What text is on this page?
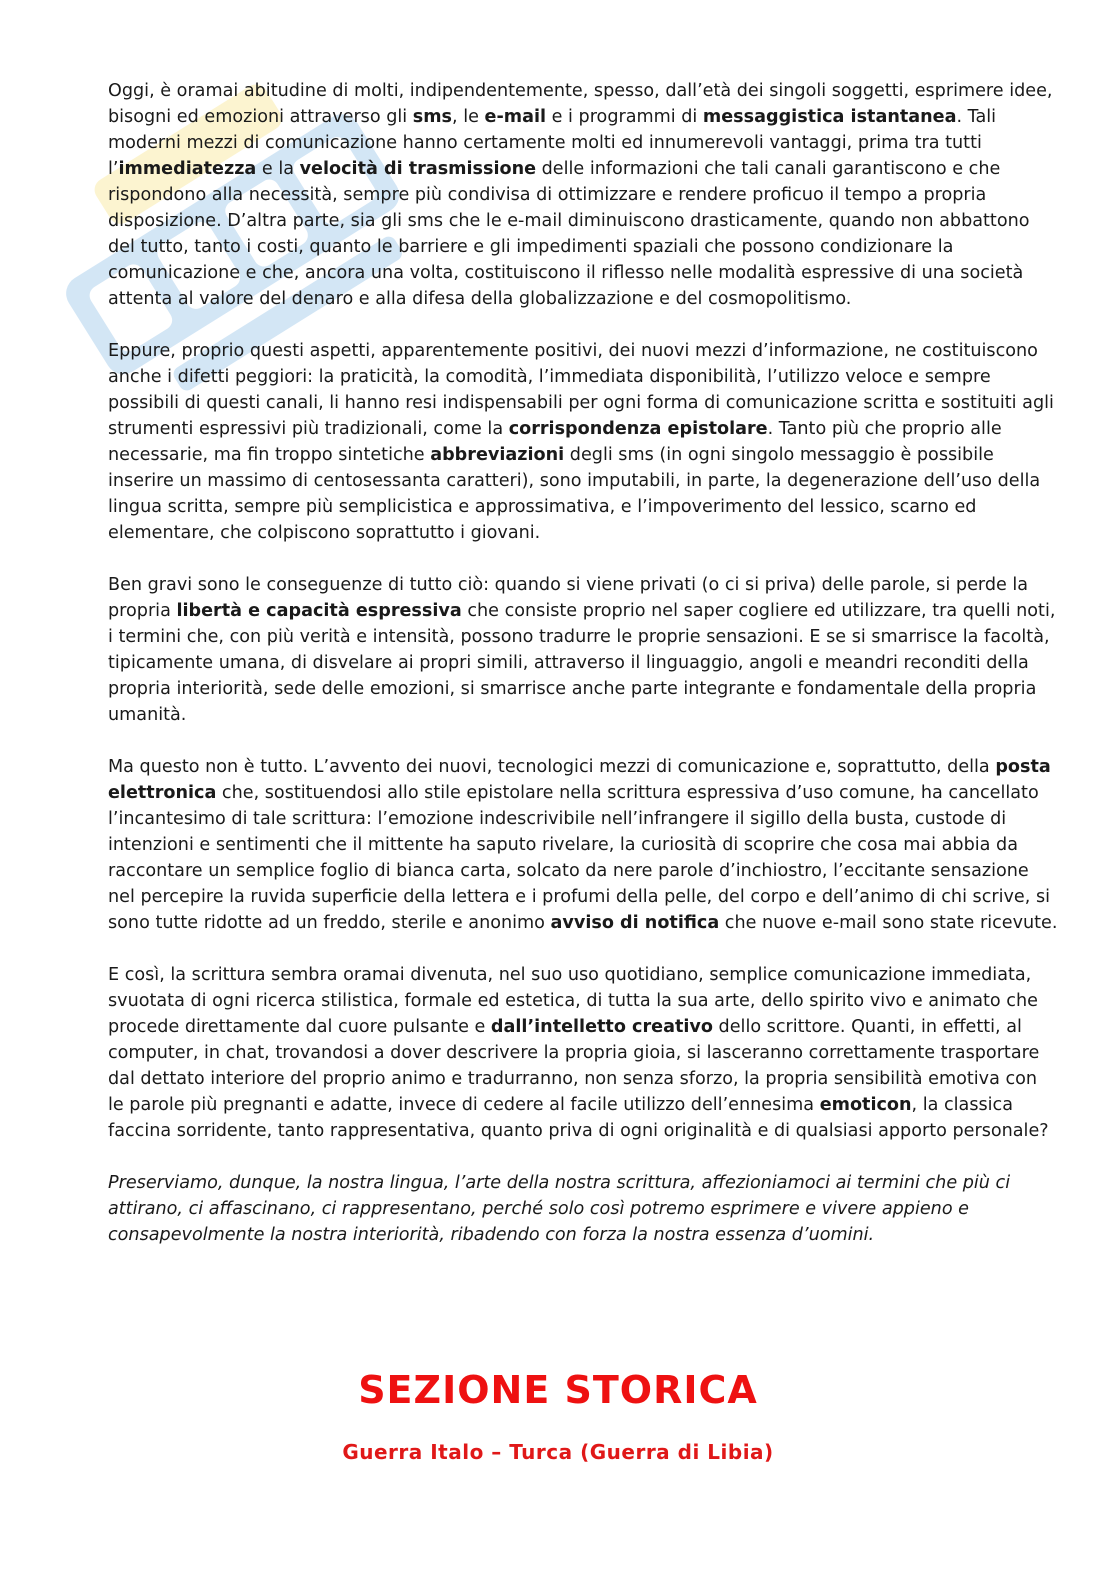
Oggi, è oramai abitudine di molti, indipendentemente, spesso, dall’età dei singoli soggetti, esprimere idee, bisogni ed emozioni attraverso gli sms, le e-mail e i programmi di messaggistica istantanea. Tali moderni mezzi di comunicazione hanno certamente molti ed innumerevoli vantaggi, prima tra tutti l’immediatezza e la velocità di trasmissione delle informazioni che tali canali garantiscono e che rispondono alla necessità, sempre più condivisa di ottimizzare e rendere proficuo il tempo a propria disposizione. D’altra parte, sia gli sms che le e-mail diminuiscono drasticamente, quando non abbattono del tutto, tanto i costi, quanto le barriere e gli impedimenti spaziali che possono condizionare la comunicazione e che, ancora una volta, costituiscono il riflesso nelle modalità espressive di una società attenta al valore del denaro e alla difesa della globalizzazione e del cosmopolitismo.

Eppure, proprio questi aspetti, apparentemente positivi, dei nuovi mezzi d’informazione, ne costituiscono anche i difetti peggiori: la praticità, la comodità, l’immediata disponibilità, l’utilizzo veloce e sempre possibili di questi canali, li hanno resi indispensabili per ogni forma di comunicazione scritta e sostituiti agli strumenti espressivi più tradizionali, come la corrispondenza epistolare. Tanto più che proprio alle necessarie, ma fin troppo sintetiche abbreviazioni degli sms (in ogni singolo messaggio è possibile inserire un massimo di centosessanta caratteri), sono imputabili, in parte, la degenerazione dell’uso della lingua scritta, sempre più semplicistica e approssimativa, e l’impoverimento del lessico, scarno ed elementare, che colpiscono soprattutto i giovani.

Ben gravi sono le conseguenze di tutto ciò: quando si viene privati (o ci si priva) delle parole, si perde la propria libertà e capacità espressiva che consiste proprio nel saper cogliere ed utilizzare, tra quelli noti, i termini che, con più verità e intensità, possono tradurre le proprie sensazioni. E se si smarrisce la facoltà, tipicamente umana, di disvelare ai propri simili, attraverso il linguaggio, angoli e meandri reconditi della propria interiorità, sede delle emozioni, si smarrisce anche parte integrante e fondamentale della propria umanità.

Ma questo non è tutto. L’avvento dei nuovi, tecnologici mezzi di comunicazione e, soprattutto, della posta elettronica che, sostituendosi allo stile epistolare nella scrittura espressiva d’uso comune, ha cancellato l’incantesimo di tale scrittura: l’emozione indescrivibile nell’infrangere il sigillo della busta, custode di intenzioni e sentimenti che il mittente ha saputo rivelare, la curiosità di scoprire che cosa mai abbia da raccontare un semplice foglio di bianca carta, solcato da nere parole d’inchiostro, l’eccitante sensazione nel percepire la ruvida superficie della lettera e i profumi della pelle, del corpo e dell’animo di chi scrive, si sono tutte ridotte ad un freddo, sterile e anonimo avviso di notifica che nuove e-mail sono state ricevute.

E così, la scrittura sembra oramai divenuta, nel suo uso quotidiano, semplice comunicazione immediata, svuotata di ogni ricerca stilistica, formale ed estetica, di tutta la sua arte, dello spirito vivo e animato che procede direttamente dal cuore pulsante e dall’intelletto creativo dello scrittore. Quanti, in effetti, al computer, in chat, trovandosi a dover descrivere la propria gioia, si lasceranno correttamente trasportare dal dettato interiore del proprio animo e tradurranno, non senza sforzo, la propria sensibilità emotiva con le parole più pregnanti e adatte, invece di cedere al facile utilizzo dell’ennesima emoticon, la classica faccina sorridente, tanto rappresentativa, quanto priva di ogni originalità e di qualsiasi apporto personale?

Preserviamo, dunque, la nostra lingua, l’arte della nostra scrittura, affezioniamoci ai termini che più ci attirano, ci affascinano, ci rappresentano, perché solo così potremo esprimere e vivere appieno e consapevolmente la nostra interiorità, ribadendo con forza la nostra essenza d’uomini.

SEZIONE STORICA
Guerra Italo – Turca (Guerra di Libia)
